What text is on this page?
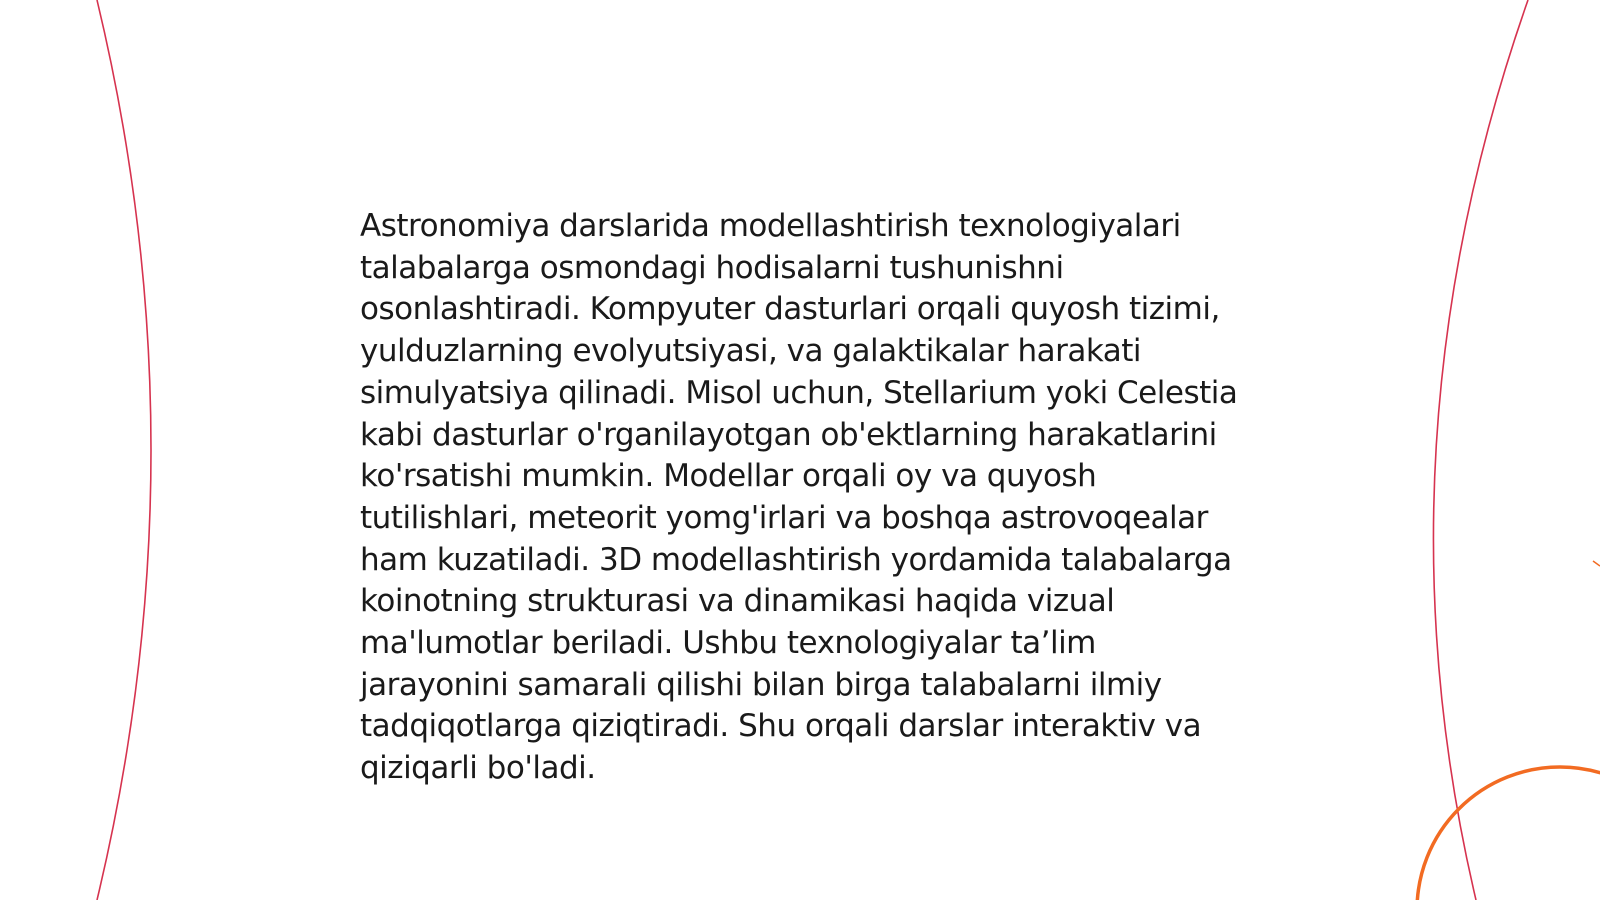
Astronomiya darslarida modellashtirish texnologiyalari talabalarga osmondagi hodisalarni tushunishni osonlashtiradi. Kompyuter dasturlari orqali quyosh tizimi, yulduzlarning evolyutsiyasi, va galaktikalar harakati simulyatsiya qilinadi. Misol uchun, Stellarium yoki Celestia kabi dasturlar o'rganilayotgan ob'ektlarning harakatlarini ko'rsatishi mumkin. Modellar orqali oy va quyosh tutilishlari, meteorit yomg'irlari va boshqa astrovoqealar ham kuzatiladi. 3D modellashtirish yordamida talabalarga koinotning strukturasi va dinamikasi haqida vizual ma'lumotlar beriladi. Ushbu texnologiyalar ta’lim jarayonini samarali qilishi bilan birga talabalarni ilmiy tadqiqotlarga qiziqtiradi. Shu orqali darslar interaktiv va qiziqarli bo'ladi.
